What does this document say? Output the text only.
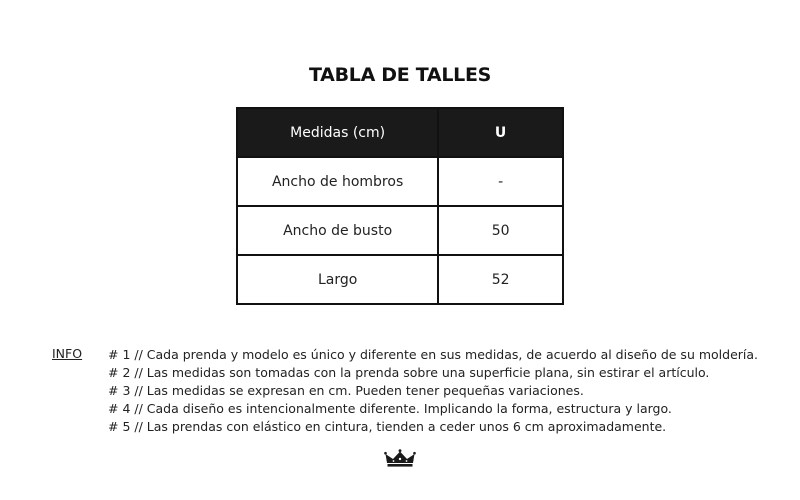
TABLA DE TALLES
Medidas (cm)	U
Ancho de hombros	-
Ancho de busto	50
Largo	52
INFO # 1 // Cada prenda y modelo es único y diferente en sus medidas, de acuerdo al diseño de su moldería.
# 2 // Las medidas son tomadas con la prenda sobre una superficie plana, sin estirar el artículo.
# 3 // Las medidas se expresan en cm. Pueden tener pequeñas variaciones.
# 4 // Cada diseño es intencionalmente diferente. Implicando la forma, estructura y largo.
# 5 // Las prendas con elástico en cintura, tienden a ceder unos 6 cm aproximadamente.
